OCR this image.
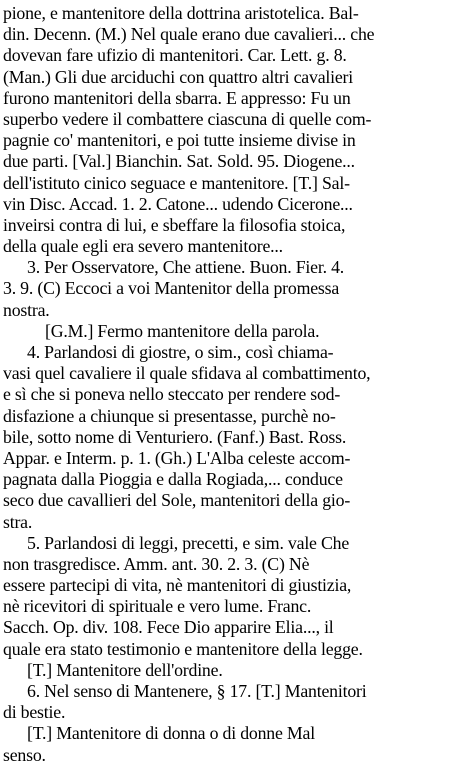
pione, e mantenitore della dottrina aristotelica. Bal-
din. Decenn. (M.) Nel quale erano due cavalieri... che
dovevan fare ufizio di mantenitori. Car. Lett. g. 8.
(Man.) Gli due arciduchi con quattro altri cavalieri
furono mantenitori della sbarra. E appresso: Fu un
superbo vedere il combattere ciascuna di quelle com-
pagnie co' mantenitori, e poi tutte insieme divise in
due parti. [Val.] Bianchin. Sat. Sold. 95. Diogene...
dell'istituto cinico seguace e mantenitore. [T.] Sal-
vin Disc. Accad. 1. 2. Catone... udendo Cicerone...
inveirsi contra di lui, e sbeffare la filosofia stoica,
della quale egli era severo mantenitore...
3. Per Osservatore, Che attiene. Buon. Fier. 4.
3. 9. (C) Eccoci a voi Mantenitor della promessa
nostra.
[G.M.] Fermo mantenitore della parola.
4. Parlandosi di giostre, o sim., così chiama-
vasi quel cavaliere il quale sfidava al combattimento,
e sì che si poneva nello steccato per rendere sod-
disfazione a chiunque si presentasse, purchè no-
bile, sotto nome di Venturiero. (Fanf.) Bast. Ross.
Appar. e Interm. p. 1. (Gh.) L'Alba celeste accom-
pagnata dalla Pioggia e dalla Rogiada,... conduce
seco due cavallieri del Sole, mantenitori della gio-
stra.
5. Parlandosi di leggi, precetti, e sim. vale Che
non trasgredisce. Amm. ant. 30. 2. 3. (C) Nè
essere partecipi di vita, nè mantenitori di giustizia,
nè ricevitori di spirituale e vero lume. Franc.
Sacch. Op. div. 108. Fece Dio apparire Elia..., il
quale era stato testimonio e mantenitore della legge.
[T.] Mantenitore dell'ordine.
6. Nel senso di Mantenere, § 17. [T.] Mantenitori
di bestie.
[T.] Mantenitore di donna o di donne Mal
senso.
